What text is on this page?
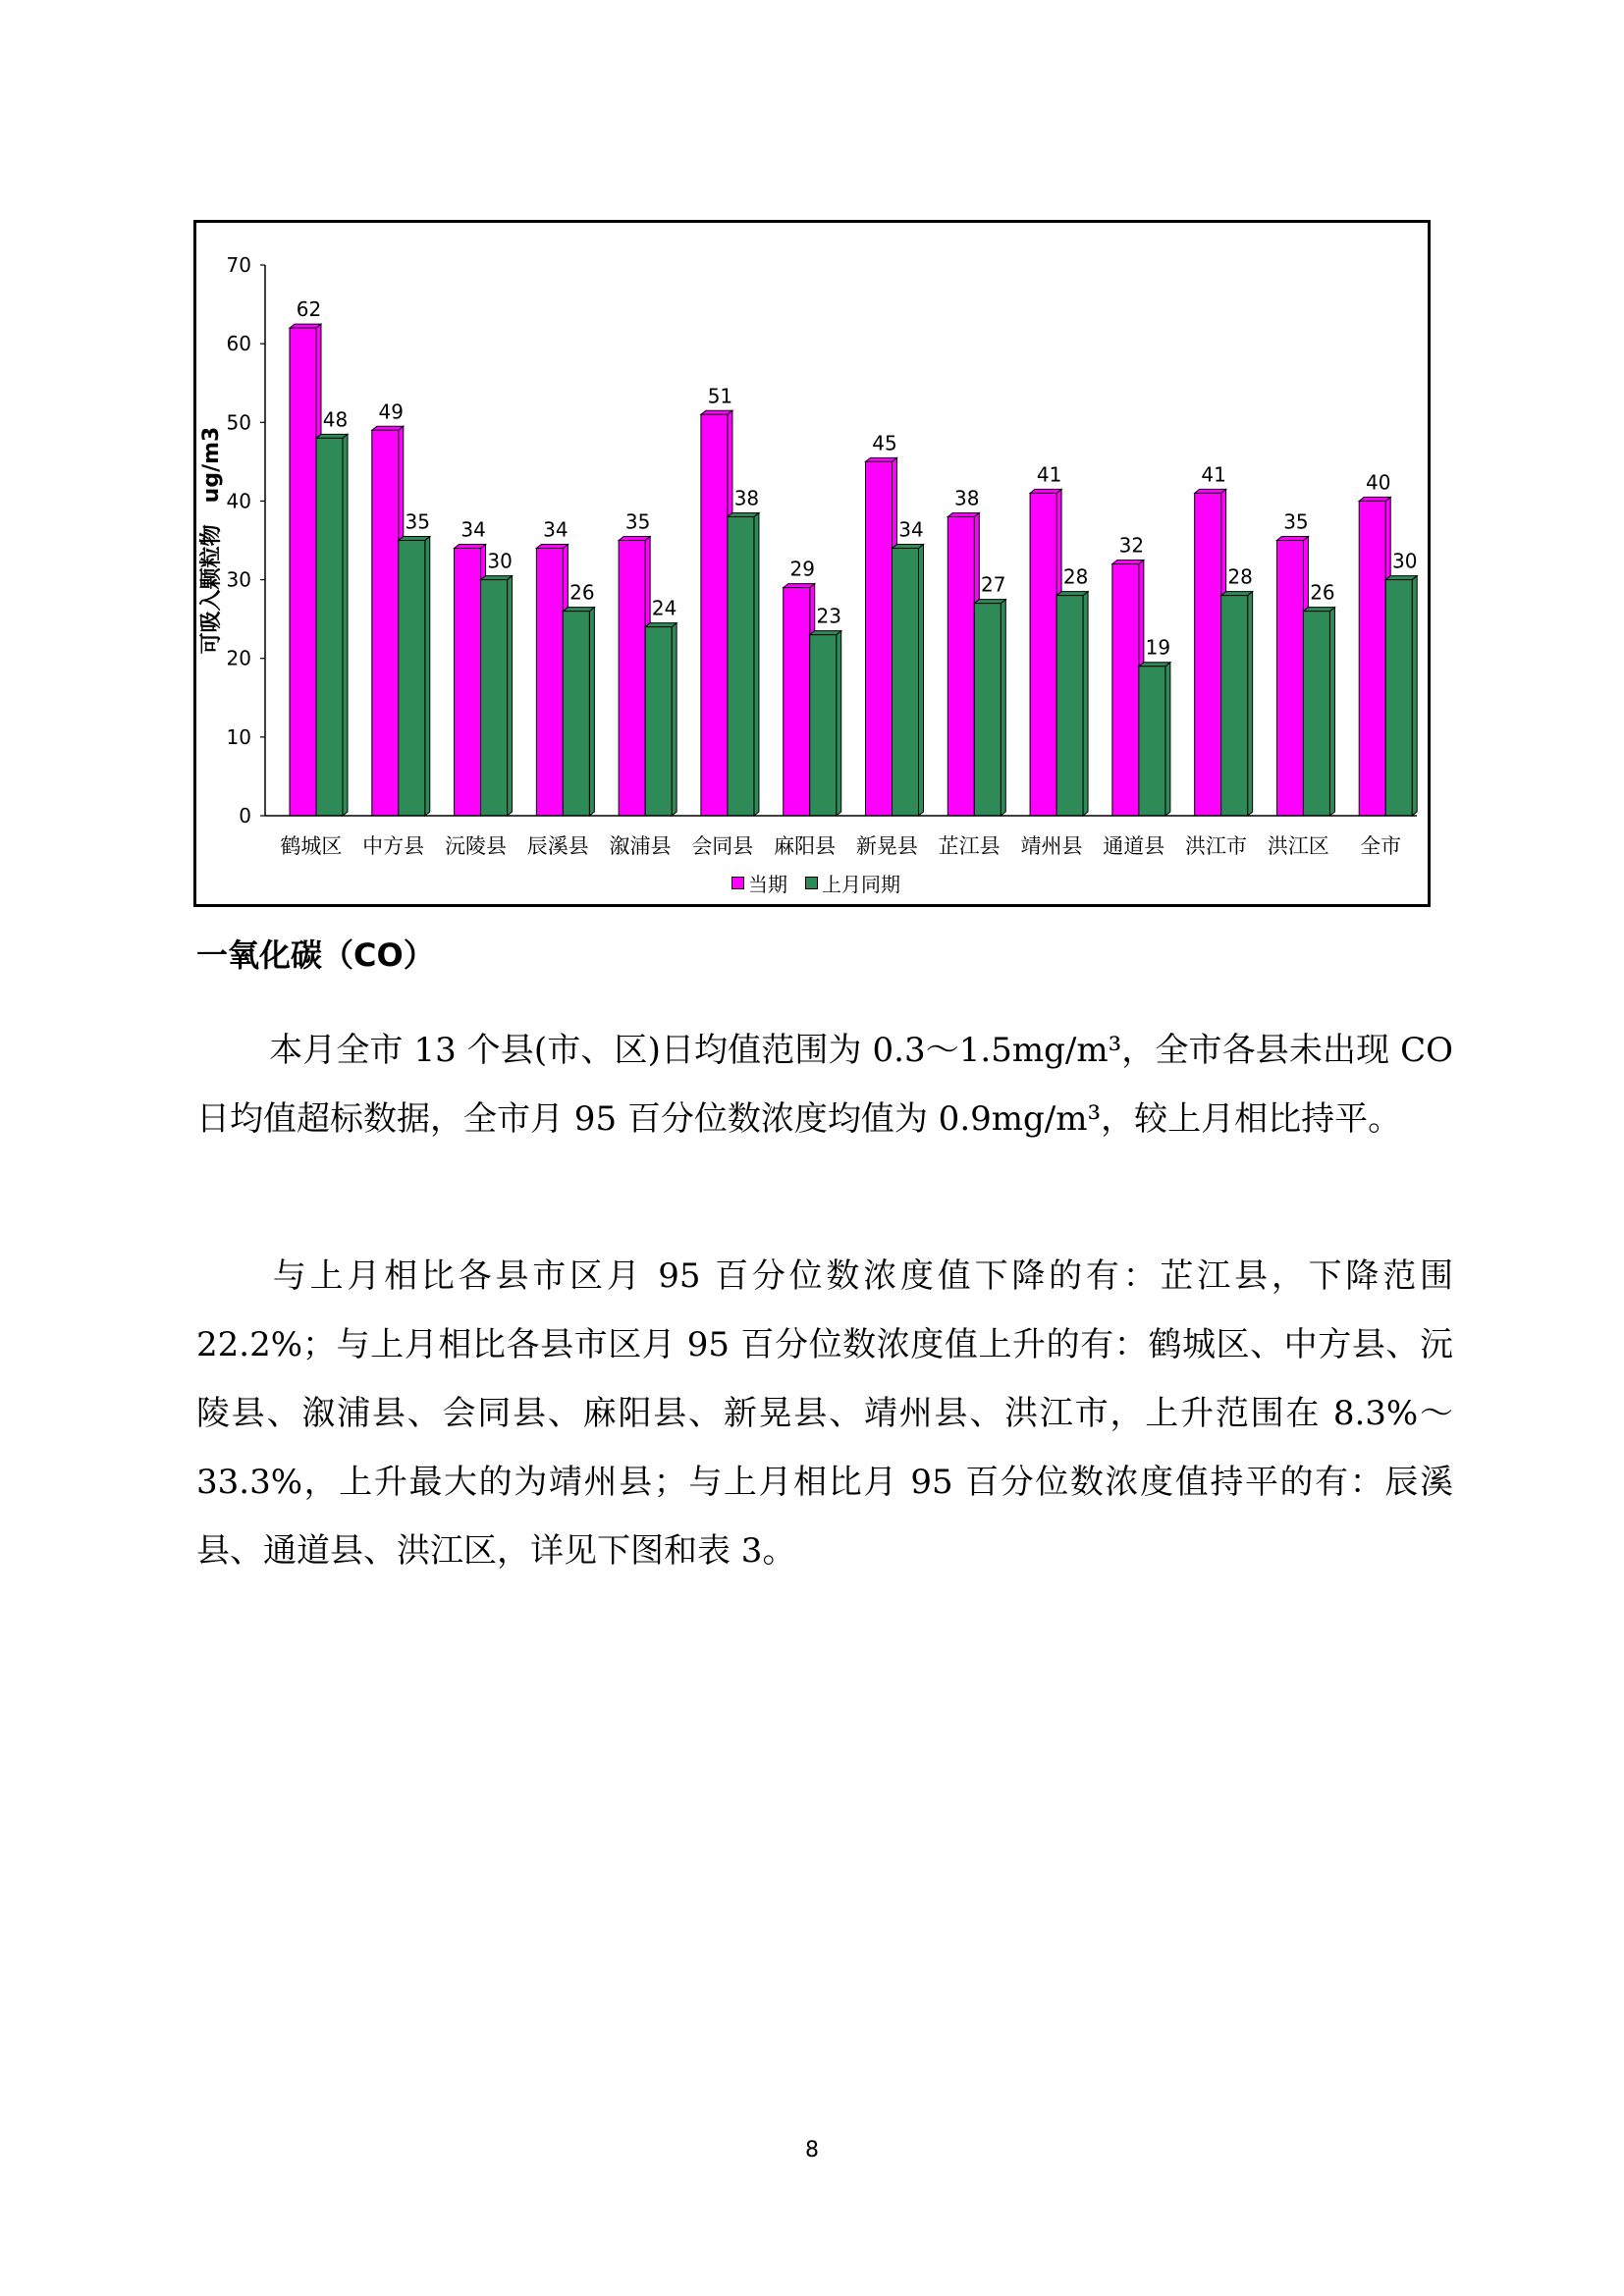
0
10
20
30
40
50
60
70
62
48 49
35 34
30
34
26
35
24
51
38
29
23
45
34
38
27
41
28
32
19
41
28
35
26
40
30
鹤城区 中方县 沅陵县 辰溪县 溆浦县 会同县 麻阳县 新晃县 芷江县 靖州县 通道县 洪江市 洪江区 全市
可吸入颗粒物　ug/m3
当期 上月同期
一氧化碳（CO）

本月全市 13 个县(市、区)日均值范围为 0.3～1.5mg/m³，全市各县未出现 CO 日均值超标数据，全市月 95 百分位数浓度均值为 0.9mg/m³，较上月相比持平。

与上月相比各县市区月 95 百分位数浓度值下降的有：芷江县，下降范围 22.2%；与上月相比各县市区月 95 百分位数浓度值上升的有：鹤城区、中方县、沅陵县、溆浦县、会同县、麻阳县、新晃县、靖州县、洪江市，上升范围在 8.3%～33.3%，上升最大的为靖州县；与上月相比月 95 百分位数浓度值持平的有：辰溪县、通道县、洪江区，详见下图和表 3。

8
